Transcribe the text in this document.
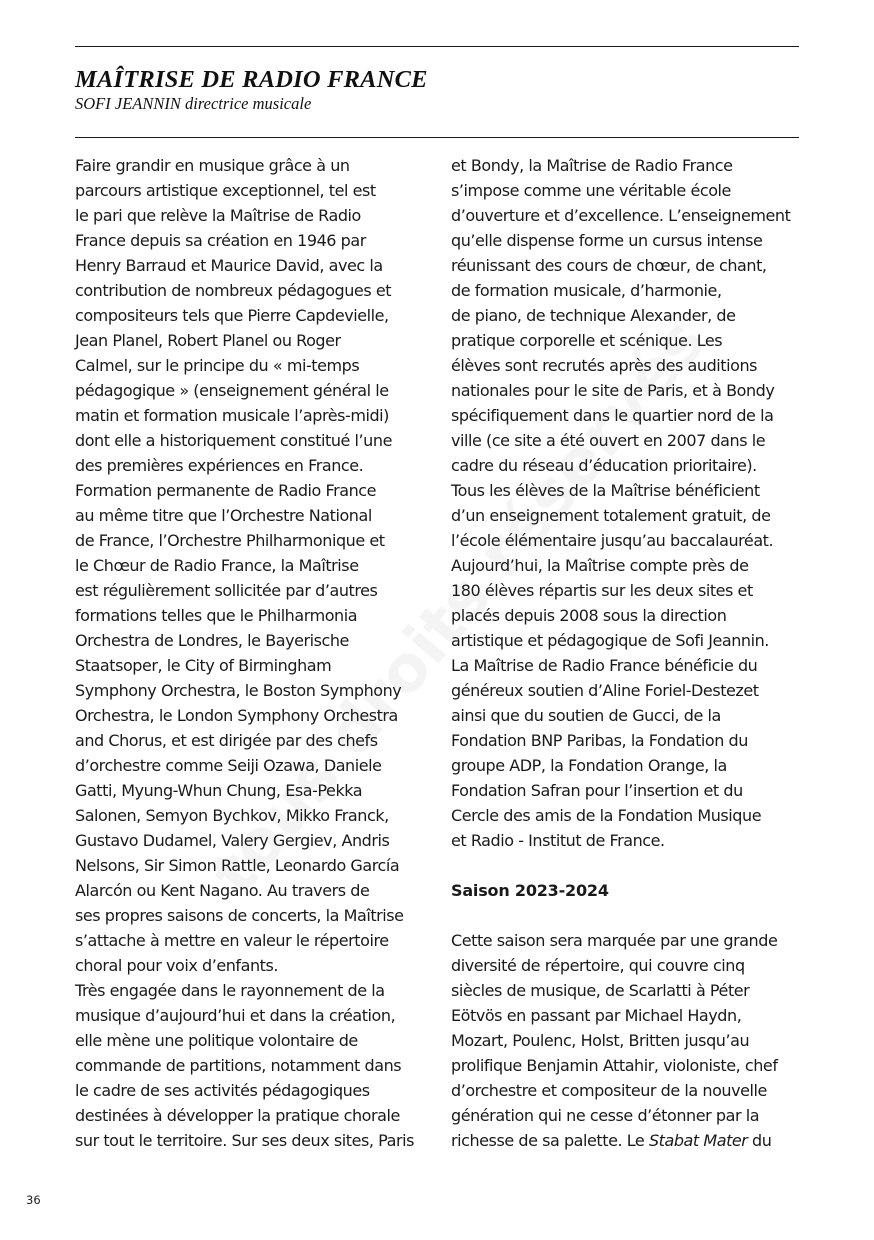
MAÎTRISE DE RADIO FRANCE
SOFI JEANNIN directrice musicale
Faire grandir en musique grâce à un
parcours artistique exceptionnel, tel est
le pari que relève la Maîtrise de Radio
France depuis sa création en 1946 par
Henry Barraud et Maurice David, avec la
contribution de nombreux pédagogues et
compositeurs tels que Pierre Capdevielle,
Jean Planel, Robert Planel ou Roger
Calmel, sur le principe du « mi-temps
pédagogique » (enseignement général le
matin et formation musicale l’après-midi)
dont elle a historiquement constitué l’une
des premières expériences en France.
Formation permanente de Radio France
au même titre que l’Orchestre National
de France, l’Orchestre Philharmonique et
le Chœur de Radio France, la Maîtrise
est régulièrement sollicitée par d’autres
formations telles que le Philharmonia
Orchestra de Londres, le Bayerische
Staatsoper, le City of Birmingham
Symphony Orchestra, le Boston Symphony
Orchestra, le London Symphony Orchestra
and Chorus, et est dirigée par des chefs
d’orchestre comme Seiji Ozawa, Daniele
Gatti, Myung-Whun Chung, Esa-Pekka
Salonen, Semyon Bychkov, Mikko Franck,
Gustavo Dudamel, Valery Gergiev, Andris
Nelsons, Sir Simon Rattle, Leonardo García
Alarcón ou Kent Nagano. Au travers de
ses propres saisons de concerts, la Maîtrise
s’attache à mettre en valeur le répertoire
choral pour voix d’enfants.
Très engagée dans le rayonnement de la
musique d’aujourd’hui et dans la création,
elle mène une politique volontaire de
commande de partitions, notamment dans
le cadre de ses activités pédagogiques
destinées à développer la pratique chorale
sur tout le territoire. Sur ses deux sites, Paris
et Bondy, la Maîtrise de Radio France
s’impose comme une véritable école
d’ouverture et d’excellence. L’enseignement
qu’elle dispense forme un cursus intense
réunissant des cours de chœur, de chant,
de formation musicale, d’harmonie,
de piano, de technique Alexander, de
pratique corporelle et scénique. Les
élèves sont recrutés après des auditions
nationales pour le site de Paris, et à Bondy
spécifiquement dans le quartier nord de la
ville (ce site a été ouvert en 2007 dans le
cadre du réseau d’éducation prioritaire).
Tous les élèves de la Maîtrise bénéficient
d’un enseignement totalement gratuit, de
l’école élémentaire jusqu’au baccalauréat.
Aujourd’hui, la Maîtrise compte près de
180 élèves répartis sur les deux sites et
placés depuis 2008 sous la direction
artistique et pédagogique de Sofi Jeannin.
La Maîtrise de Radio France bénéficie du
généreux soutien d’Aline Foriel-Destezet
ainsi que du soutien de Gucci, de la
Fondation BNP Paribas, la Fondation du
groupe ADP, la Fondation Orange, la
Fondation Safran pour l’insertion et du
Cercle des amis de la Fondation Musique
et Radio - Institut de France.
Saison 2023-2024
Cette saison sera marquée par une grande
diversité de répertoire, qui couvre cinq
siècles de musique, de Scarlatti à Péter
Eötvös en passant par Michael Haydn,
Mozart, Poulenc, Holst, Britten jusqu’au
prolifique Benjamin Attahir, violoniste, chef
d’orchestre et compositeur de la nouvelle
génération qui ne cesse d’étonner par la
richesse de sa palette. Le Stabat Mater du
36
